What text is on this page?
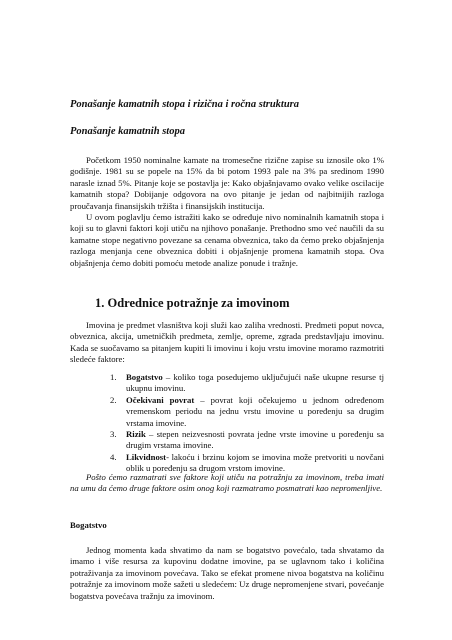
Ponašanje kamatnih stopa i rizična i ročna struktura

Ponašanje kamatnih stopa

Početkom 1950 nominalne kamate na tromesečne rizične zapise su iznosile oko 1% godišnje. 1981 su se popele na 15% da bi potom 1993 pale na 3% pa sredinom 1990 narasle iznad 5%. Pitanje koje se postavlja je: Kako objašnjavamo ovako velike oscilacije kamatnih stopa? Dobijanje odgovora na ovo pitanje je jedan od najbitnijih razloga proučavanja finansijskih tržišta i finansijskih institucija.

U ovom poglavlju ćemo istražiti kako se određuje nivo nominalnih kamatnih stopa i koji su to glavni faktori koji utiču na njihovo ponašanje. Prethodno smo već naučili da su kamatne stope negativno povezane sa cenama obveznica, tako da ćemo preko objašnjenja razloga menjanja cene obveznica dobiti i objašnjenje promena kamatnih stopa. Ova objašnjenja ćemo dobiti pomoću metode analize ponude i tražnje.

1. Odrednice potražnje za imovinom

Imovina je predmet vlasništva koji služi kao zaliha vrednosti. Predmeti poput novca, obveznica, akcija, umetničkih predmeta, zemlje, opreme, zgrada predstavljaju imovinu. Kada se suočavamo sa pitanjem kupiti li imovinu i koju vrstu imovine moramo razmotriti sledeće faktore:

1. Bogatstvo – koliko toga posedujemo uključujući naše ukupne resurse tj ukupnu imovinu.
2. Očekivani povrat – povrat koji očekujemo u jednom određenom vremenskom periodu na jednu vrstu imovine u poređenju sa drugim vrstama imovine.
3. Rizik – stepen neizvesnosti povrata jedne vrste imovine u poređenju sa drugim vrstama imovine.
4. Likvidnost- lakoću i brzinu kojom se imovina može pretvoriti u novčani oblik u poređenju sa drugom vrstom imovine.

Pošto ćemo razmatrati sve faktore koji utiču na potražnju za imovinom, treba imati na umu da ćemo druge faktore osim onog koji razmatramo posmatrati kao nepromenljive.

Bogatstvo

Jednog momenta kada shvatimo da nam se bogatstvo povećalo, tada shvatamo da imamo i više resursa za kupovinu dodatne imovine, pa se uglavnom tako i količina potraživanja za imovinom povećava. Tako se efekat promene nivoa bogatstva na količinu potražnje za imovinom može sažeti u sledećem: Uz druge nepromenjene stvari, povećanje bogatstva povećava tražnju za imovinom.
